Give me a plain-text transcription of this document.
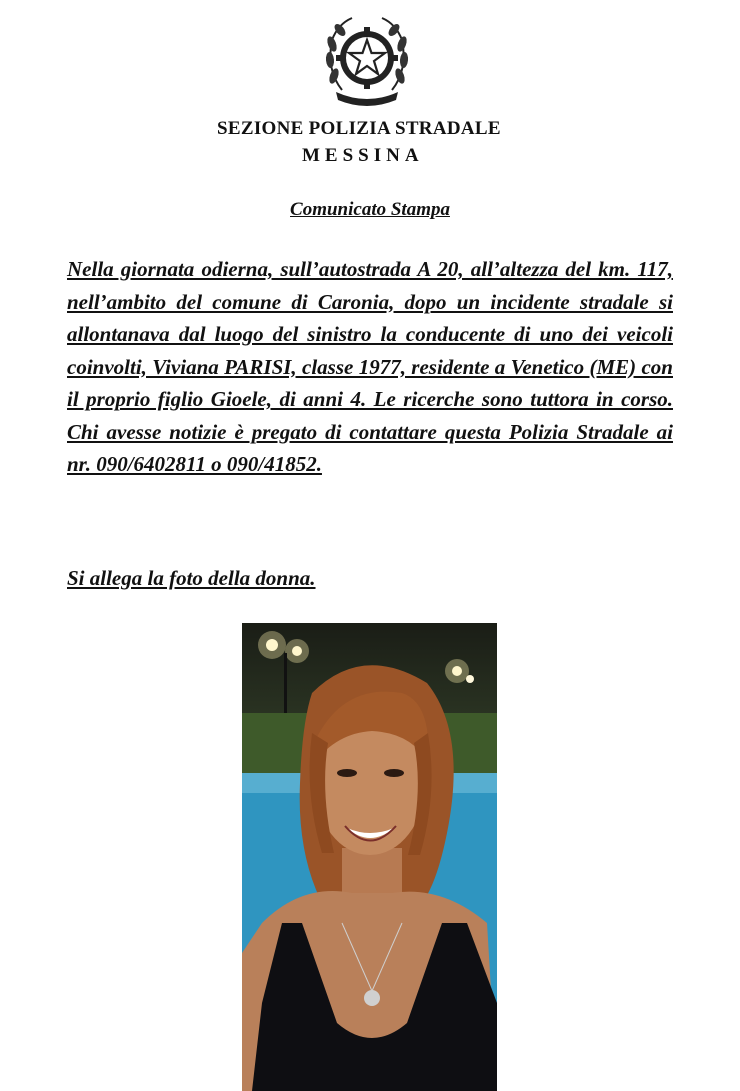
SEZIONE POLIZIA STRADALE
MESSINA
Comunicato Stampa
Nella giornata odierna, sull’autostrada A 20, all’altezza del km. 117, nell’ambito del comune di Caronia, dopo un incidente stradale si allontanava dal luogo del sinistro la conducente di uno dei veicoli coinvolti, Viviana PARISI, classe 1977, residente a Venetico (ME) con il proprio figlio Gioele, di anni 4. Le ricerche sono tuttora in corso. Chi avesse notizie è pregato di contattare questa Polizia Stradale ai nr. 090/6402811 o 090/41852.
Si allega la foto della donna.
